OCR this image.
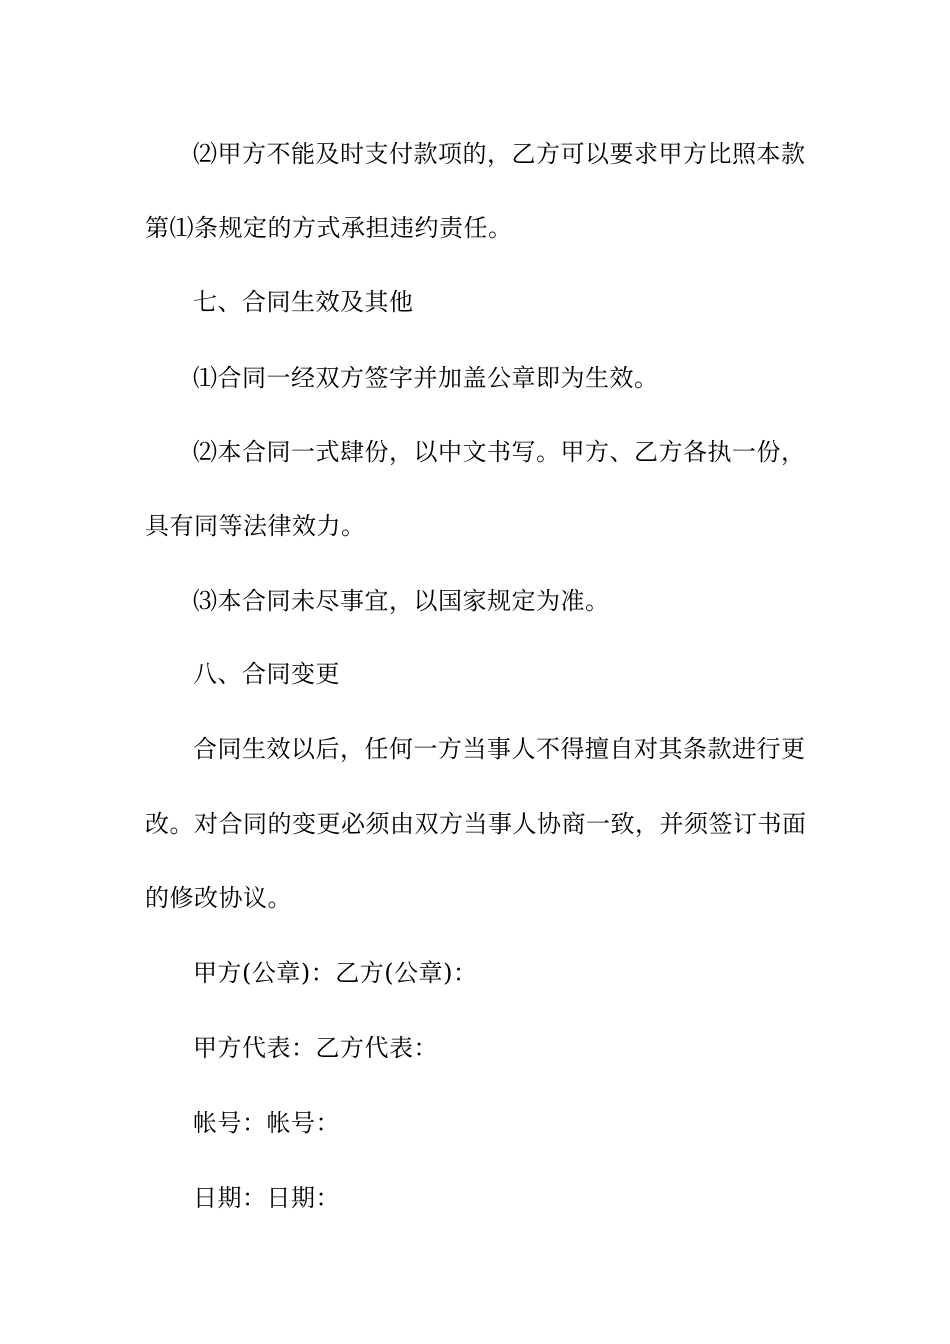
⑵甲方不能及时支付款项的，乙方可以要求甲方比照本款
第⑴条规定的方式承担违约责任。
七、合同生效及其他
⑴合同一经双方签字并加盖公章即为生效。
⑵本合同一式肆份，以中文书写。甲方、乙方各执一份，
具有同等法律效力。
⑶本合同未尽事宜，以国家规定为准。
八、合同变更
合同生效以后，任何一方当事人不得擅自对其条款进行更
改。对合同的变更必须由双方当事人协商一致，并须签订书面
的修改协议。
甲方(公章)：乙方(公章)：
甲方代表：乙方代表：
帐号：帐号：
日期：日期：
